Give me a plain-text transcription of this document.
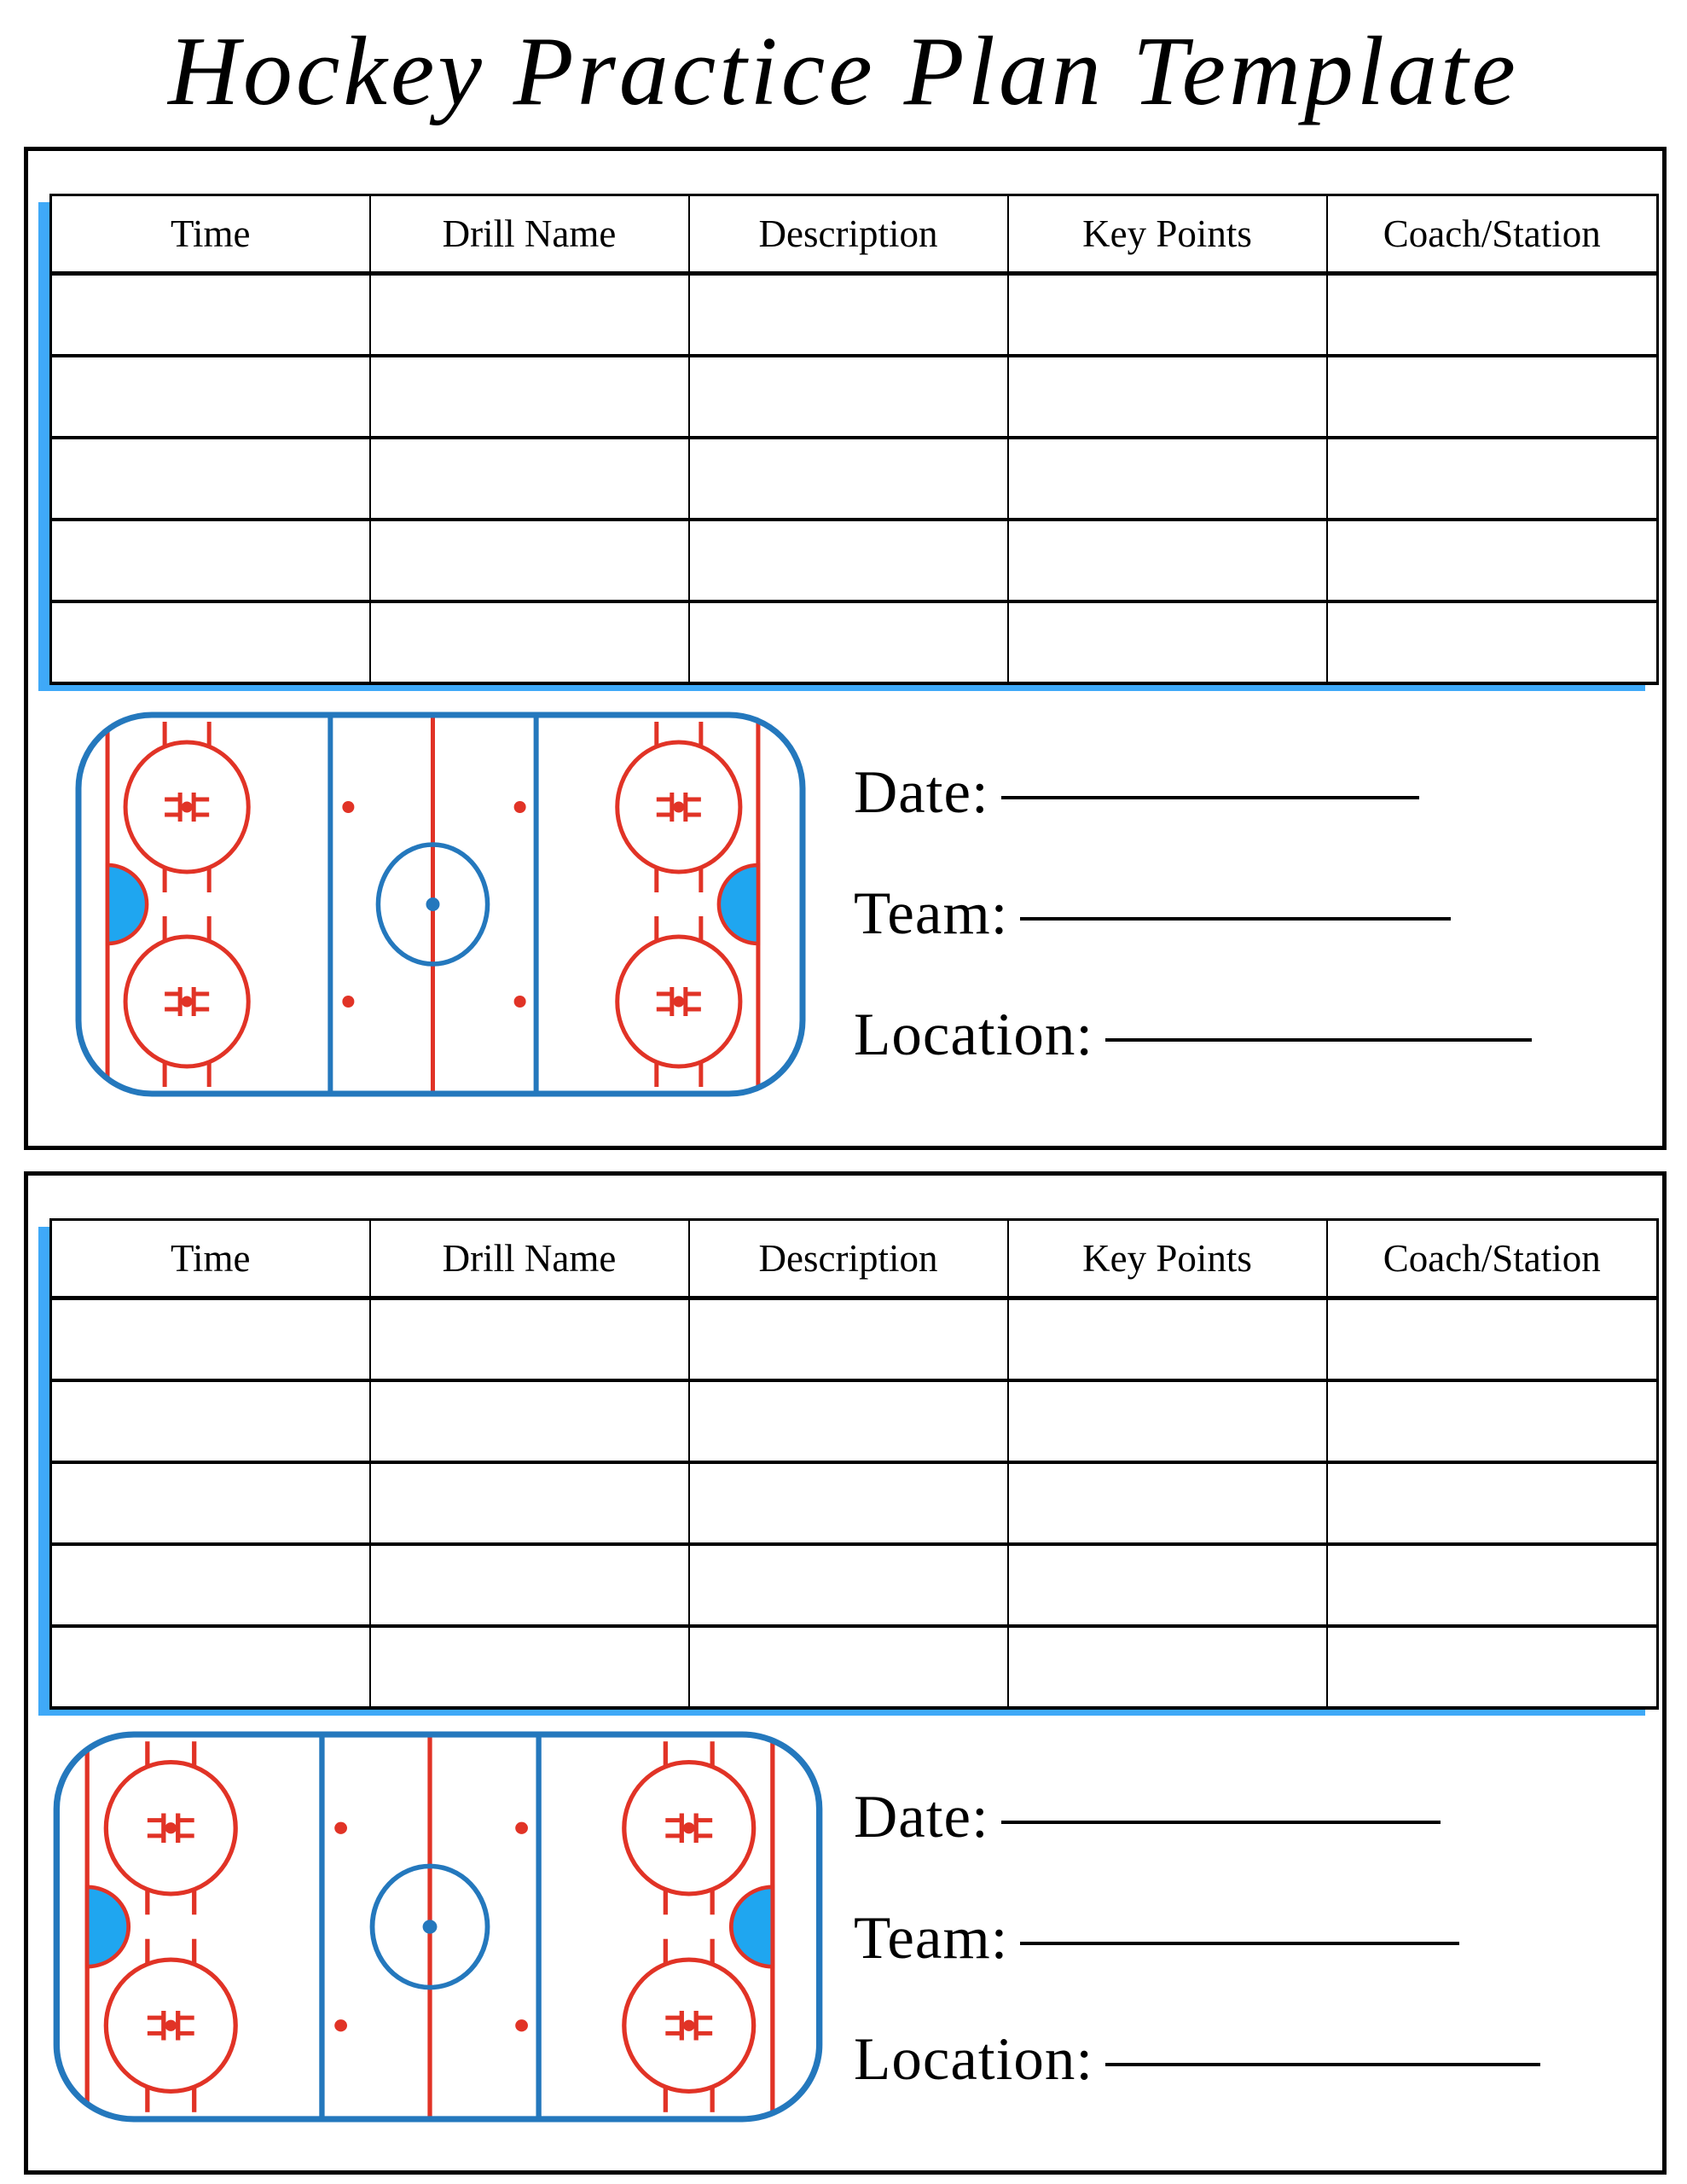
Hockey Practice Plan Template
Time	Drill Name	Description	Key Points	Coach/Station

Date:
Team:
Location:
Time	Drill Name	Description	Key Points	Coach/Station

Date:
Team:
Location:
